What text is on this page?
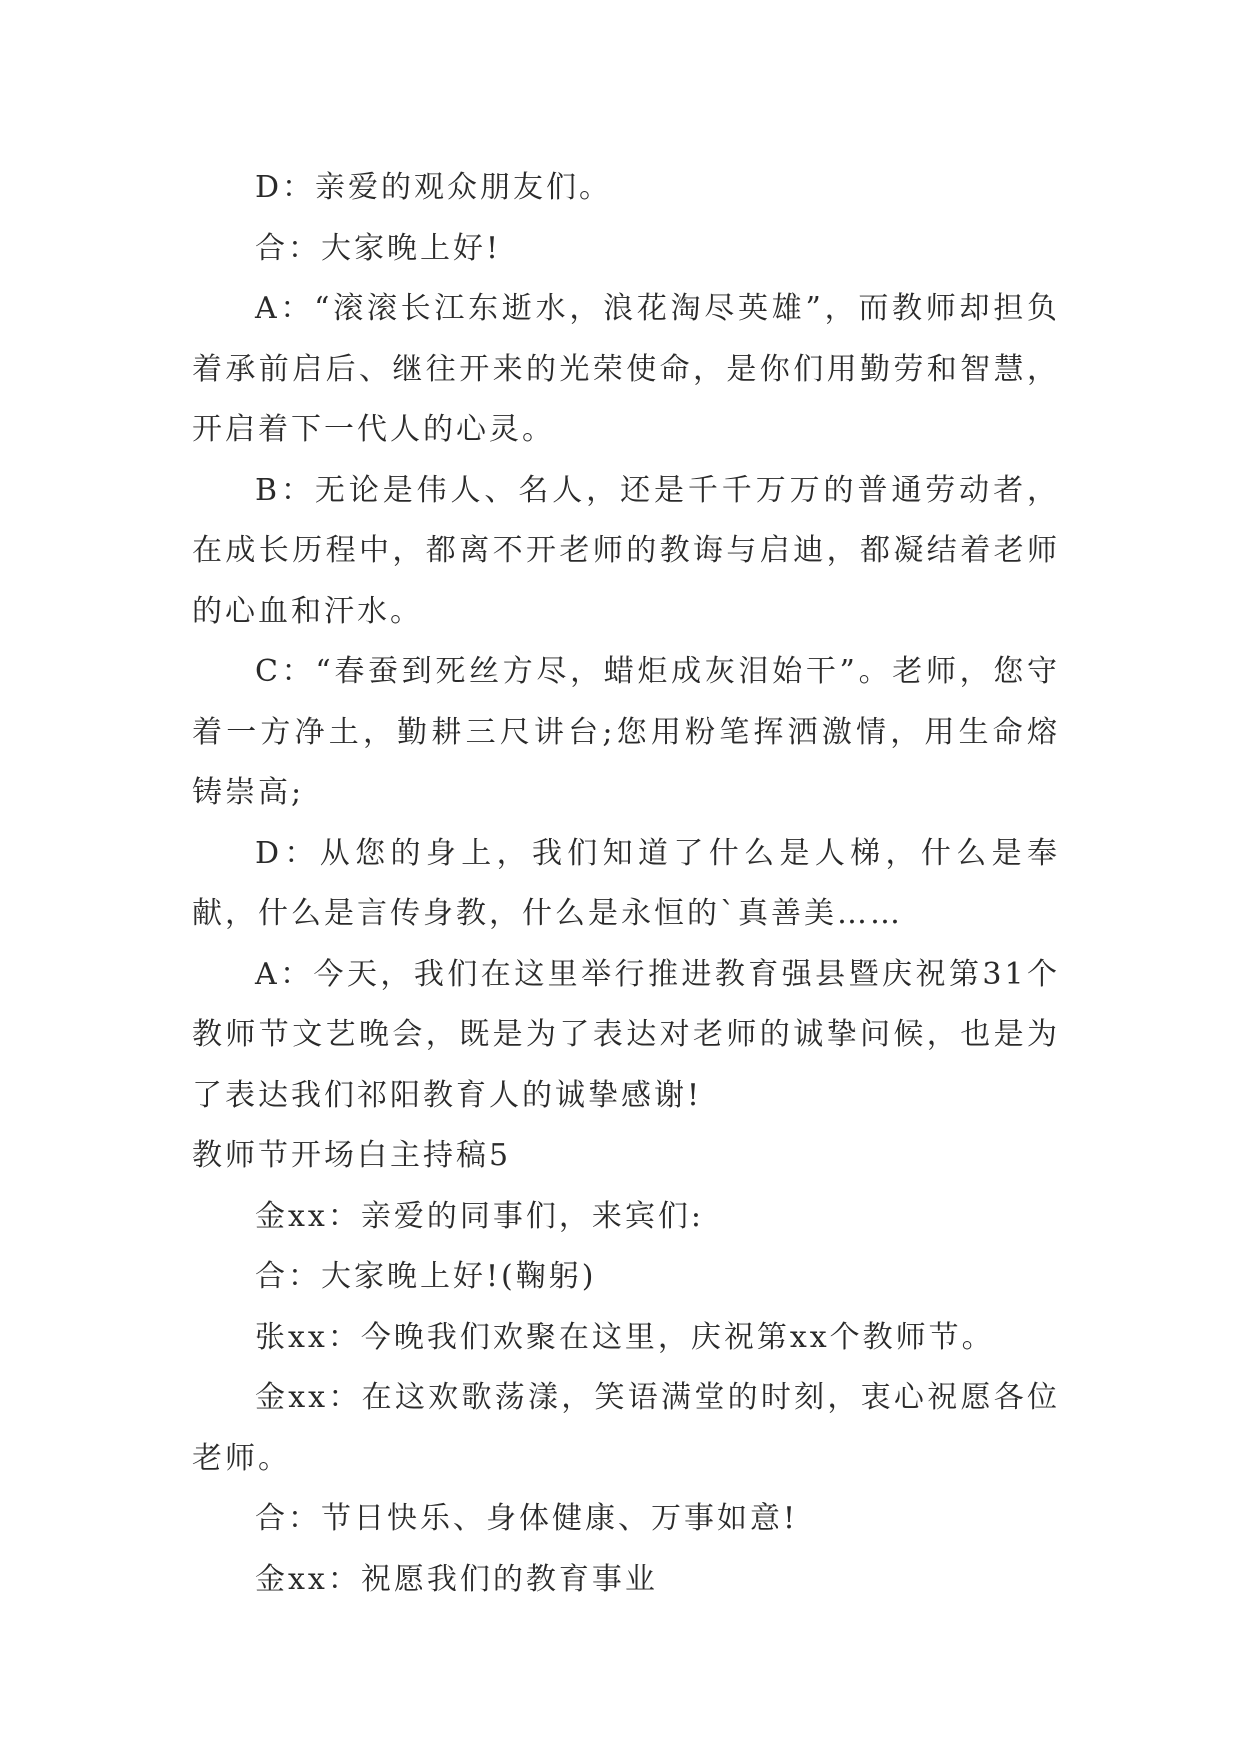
D：亲爱的观众朋友们。

合：大家晚上好!

A：“滚滚长江东逝水，浪花淘尽英雄”，而教师却担负着承前启后、继往开来的光荣使命，是你们用勤劳和智慧，开启着下一代人的心灵。

B：无论是伟人、名人，还是千千万万的普通劳动者，在成长历程中，都离不开老师的教诲与启迪，都凝结着老师的心血和汗水。

C：“春蚕到死丝方尽，蜡炬成灰泪始干”。老师，您守着一方净土，勤耕三尺讲台;您用粉笔挥洒激情，用生命熔铸崇高;

D：从您的身上，我们知道了什么是人梯，什么是奉献，什么是言传身教，什么是永恒的`真善美……

A：今天，我们在这里举行推进教育强县暨庆祝第31个教师节文艺晚会，既是为了表达对老师的诚挚问候，也是为了表达我们祁阳教育人的诚挚感谢!

教师节开场白主持稿5

金xx：亲爱的同事们，来宾们:

合：大家晚上好!(鞠躬)

张xx：今晚我们欢聚在这里，庆祝第xx个教师节。

金xx：在这欢歌荡漾，笑语满堂的时刻，衷心祝愿各位老师。

合：节日快乐、身体健康、万事如意!

金xx：祝愿我们的教育事业
